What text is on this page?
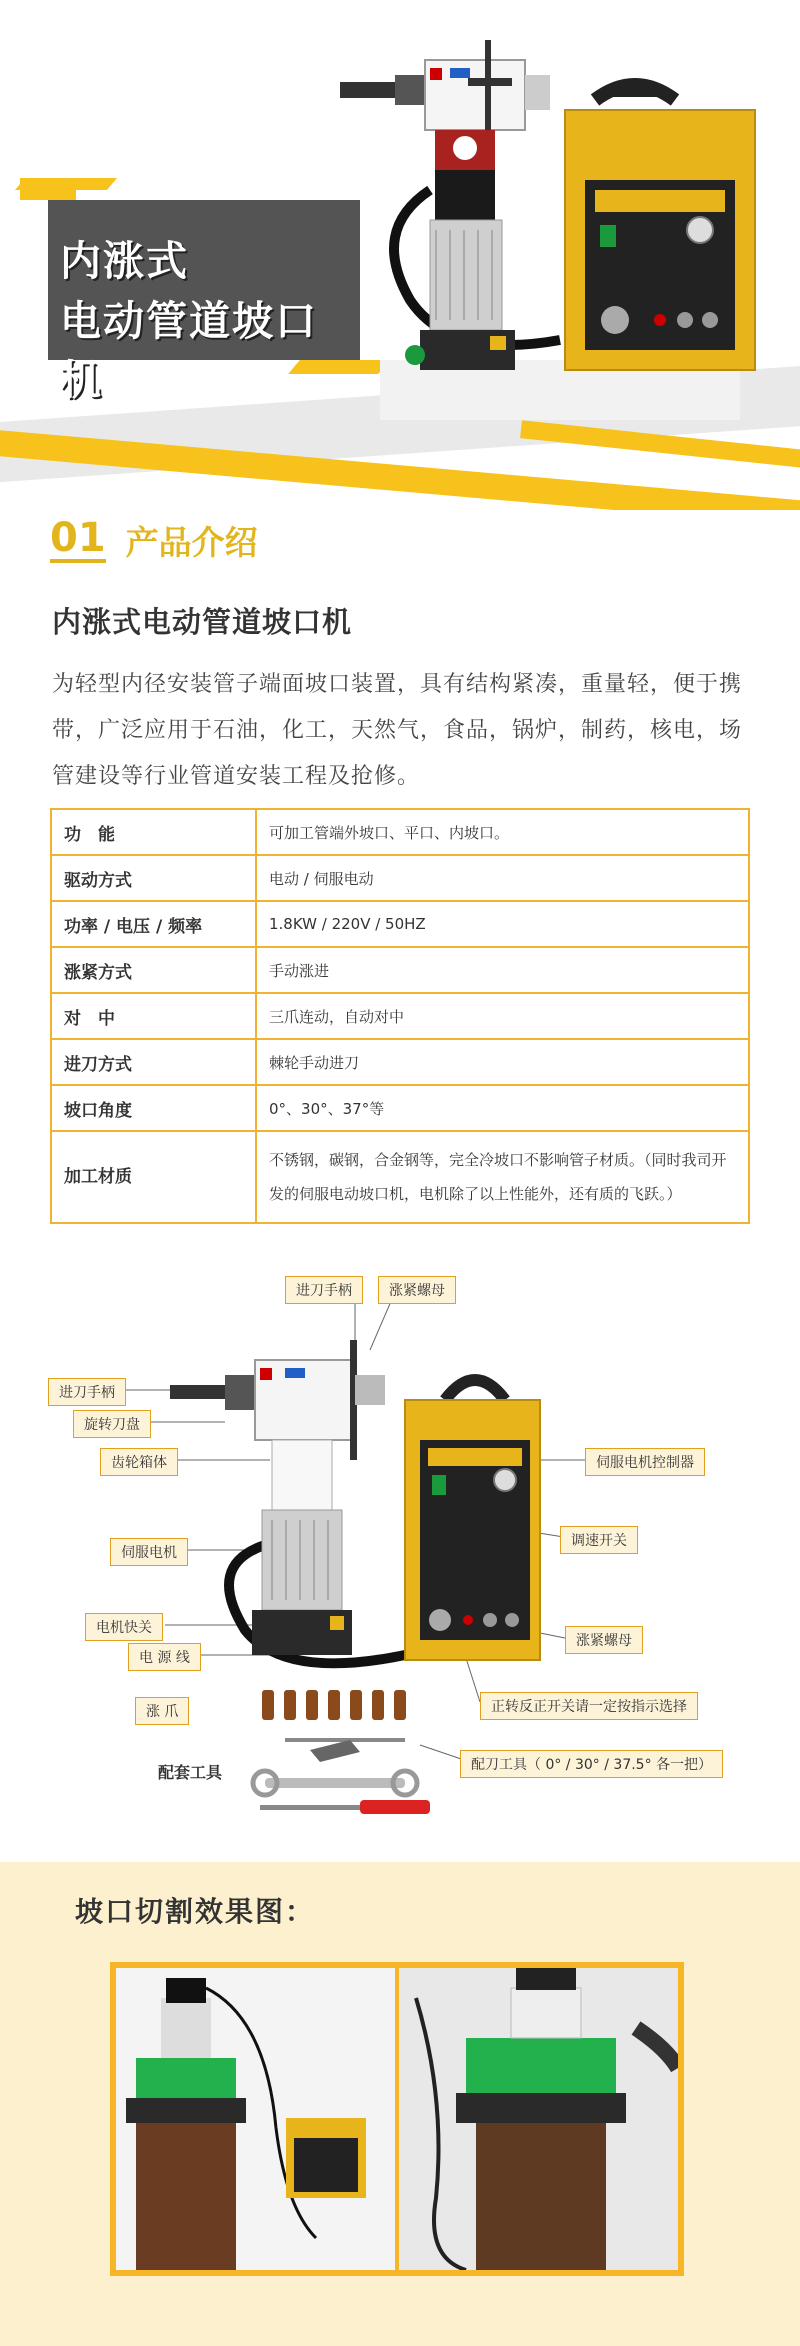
内涨式
电动管道坡口机
01 产品介绍
内涨式电动管道坡口机
为轻型内径安装管子端面坡口装置，具有结构紧凑，重量轻，便于携带，广泛应用于石油，化工，天然气，食品，锅炉，制药，核电，场管建设等行业管道安装工程及抢修。
功　能	可加工管端外坡口、平口、内坡口。
驱动方式	电动 / 伺服电动
功率 / 电压 / 频率	1.8KW / 220V / 50HZ
涨紧方式	手动涨进
对　中	三爪连动，自动对中
进刀方式	棘轮手动进刀
坡口角度	0°、30°、37°等
加工材质	不锈钢，碳钢，合金钢等，完全冷坡口不影响管子材质。（同时我司开发的伺服电动坡口机，电机除了以上性能外，还有质的飞跃。）
进刀手柄	涨紧螺母
进刀手柄
旋转刀盘
齿轮箱体
伺服电机
电机快关
电 源 线
伺服电机控制器
调速开关
涨紧螺母
正转反正开关请一定按指示选择
涨 爪
配套工具	配刀工具（ 0° / 30° / 37.5° 各一把）
坡口切割效果图：
